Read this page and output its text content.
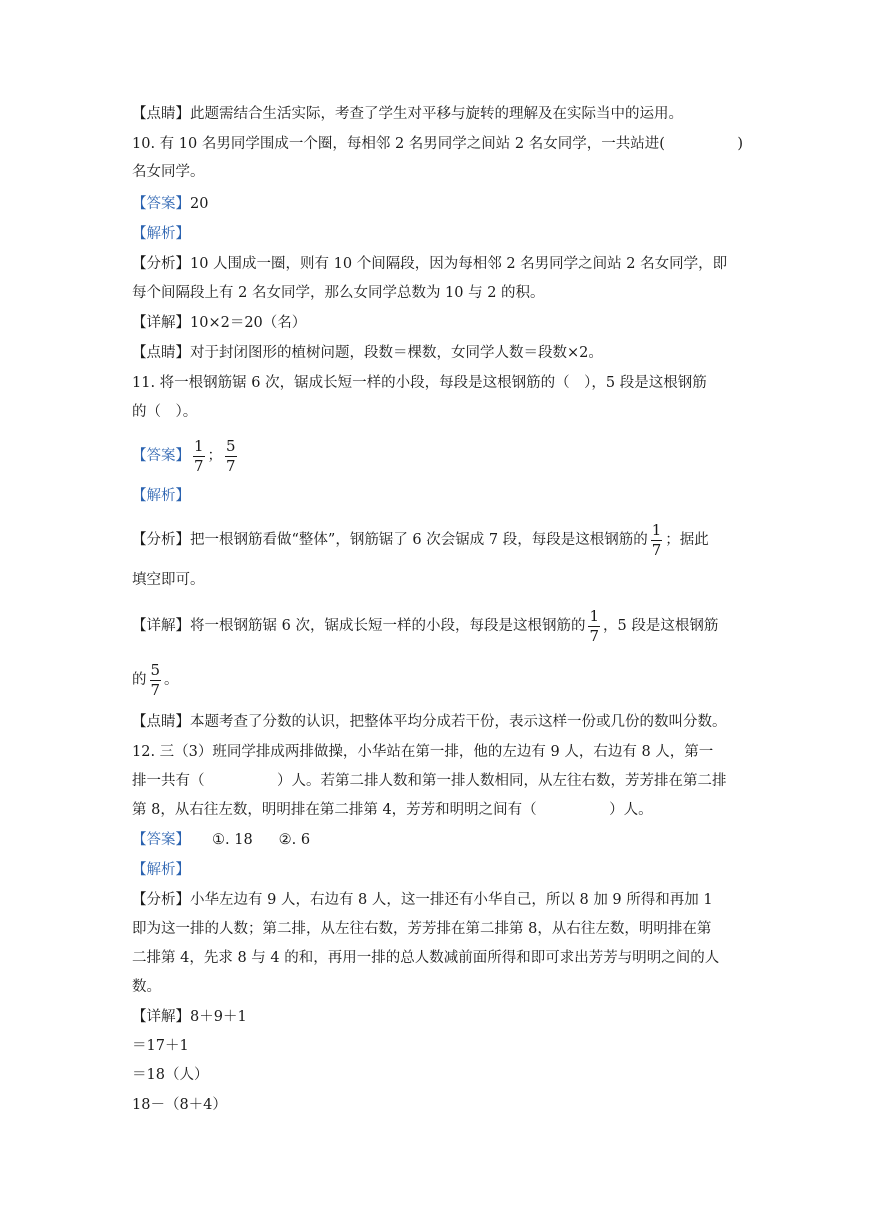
【点睛】此题需结合生活实际，考查了学生对平移与旋转的理解及在实际当中的运用。
10. 有 10 名男同学围成一个圈，每相邻 2 名男同学之间站 2 名女同学，一共站进(　　　　　)
名女同学。
【答案】20
【解析】
【分析】10 人围成一圈，则有 10 个间隔段，因为每相邻 2 名男同学之间站 2 名女同学，即
每个间隔段上有 2 名女同学，那么女同学总数为 10 与 2 的积。
【详解】10×2＝20（名）
【点睛】对于封闭图形的植树问题，段数＝棵数，女同学人数＝段数×2。
11. 将一根钢筋锯 6 次，锯成长短一样的小段，每段是这根钢筋的（　），5 段是这根钢筋
的（　）。
【答案】 $\frac{1}{7}$ ； $\frac{5}{7}$
【解析】
【分析】把一根钢筋看做“整体”，钢筋锯了 6 次会锯成 7 段，每段是这根钢筋的 $\frac{1}{7}$ ；据此
填空即可。
【详解】将一根钢筋锯 6 次，锯成长短一样的小段，每段是这根钢筋的 $\frac{1}{7}$ ，5 段是这根钢筋
的 $\frac{5}{7}$ 。
【点睛】本题考查了分数的认识，把整体平均分成若干份，表示这样一份或几份的数叫分数。
12. 三（3）班同学排成两排做操，小华站在第一排，他的左边有 9 人，右边有 8 人，第一
排一共有（　　　　　）人。若第二排人数和第一排人数相同，从左往右数，芳芳排在第二排
第 8，从右往左数，明明排在第二排第 4，芳芳和明明之间有（　　　　　）人。
【答案】 ①. 18 ②. 6
【解析】
【分析】小华左边有 9 人，右边有 8 人，这一排还有小华自己，所以 8 加 9 所得和再加 1
即为这一排的人数；第二排，从左往右数，芳芳排在第二排第 8，从右往左数，明明排在第
二排第 4，先求 8 与 4 的和，再用一排的总人数减前面所得和即可求出芳芳与明明之间的人
数。
【详解】8＋9＋1
＝17＋1
＝18（人）
18－（8＋4）
